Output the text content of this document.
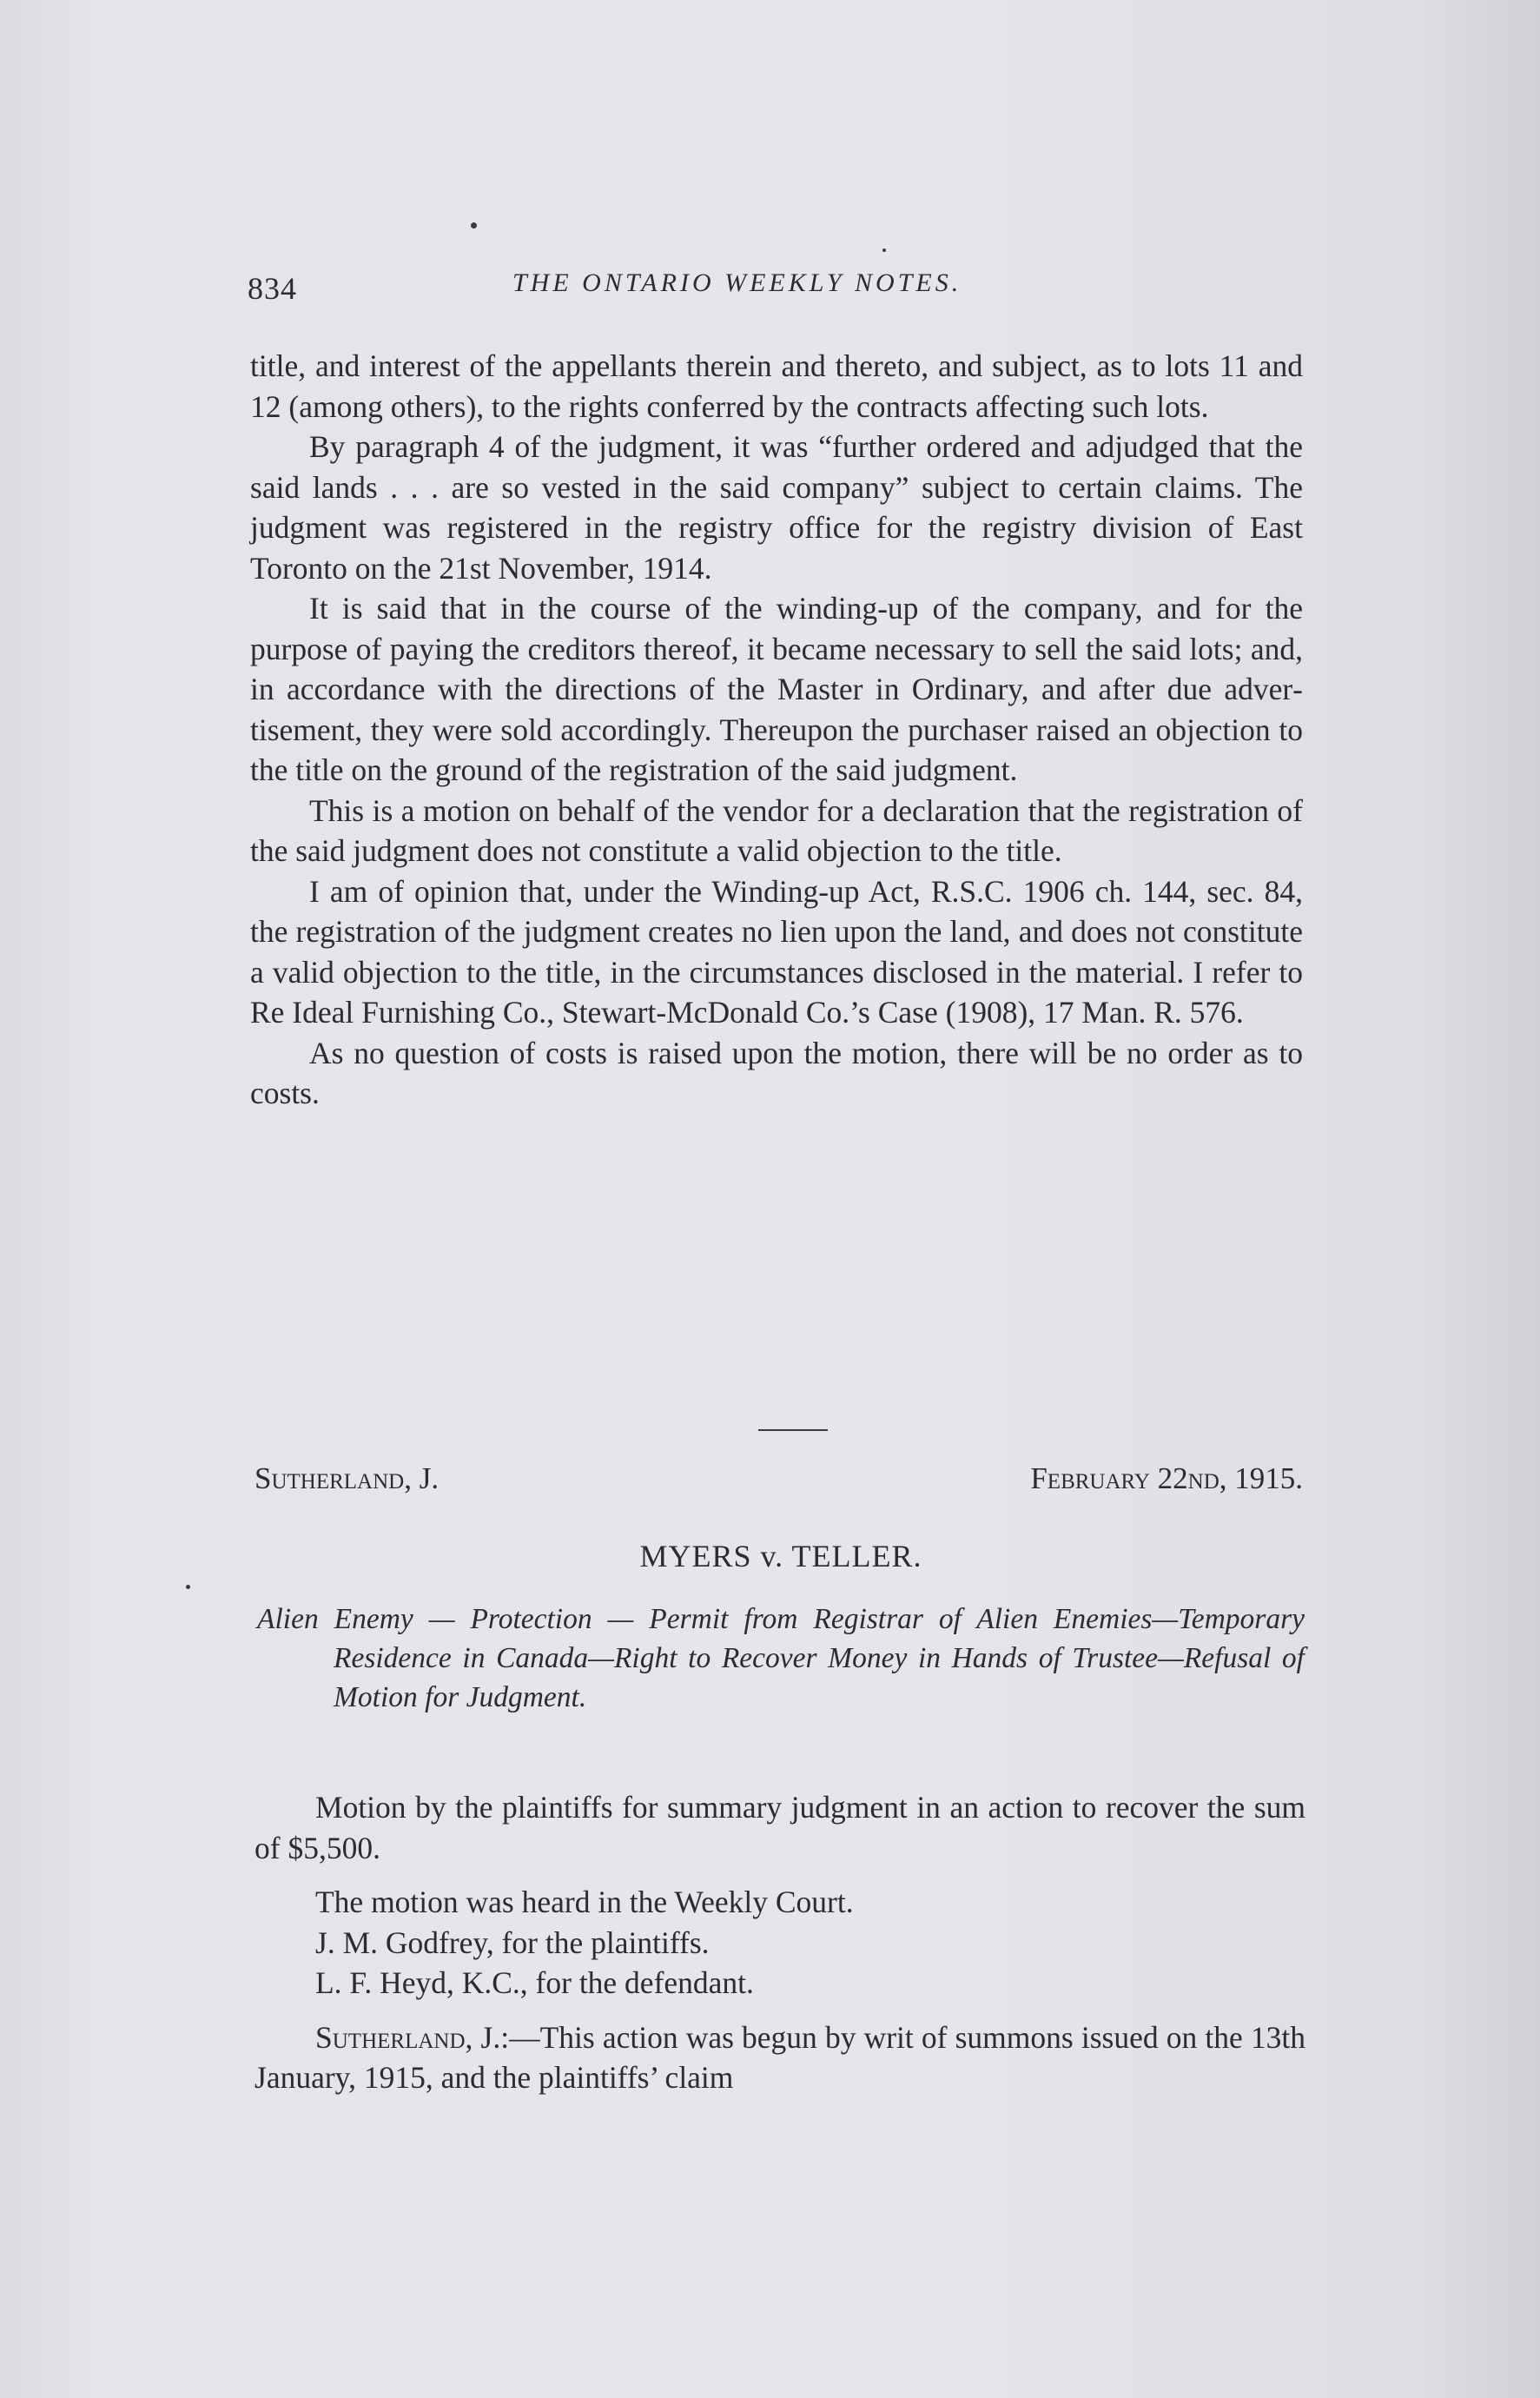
834	THE ONTARIO WEEKLY NOTES.

title, and interest of the appellants therein and thereto, and subject, as to lots 11 and 12 (among others), to the rights conferred by the contracts affecting such lots.

By paragraph 4 of the judgment, it was “further ordered and adjudged that the said lands . . . are so vested in the said company” subject to certain claims. The judgment was registered in the registry office for the registry division of East Toronto on the 21st November, 1914.

It is said that in the course of the winding-up of the company, and for the purpose of paying the creditors thereof, it became necessary to sell the said lots; and, in accordance with the directions of the Master in Ordinary, and after due advertisement, they were sold accordingly. Thereupon the purchaser raised an objection to the title on the ground of the registration of the said judgment.

This is a motion on behalf of the vendor for a declaration that the registration of the said judgment does not constitute a valid objection to the title.

I am of opinion that, under the Winding-up Act, R.S.C. 1906 ch. 144, sec. 84, the registration of the judgment creates no lien upon the land, and does not constitute a valid objection to the title, in the circumstances disclosed in the material. I refer to Re Ideal Furnishing Co., Stewart-McDonald Co.’s Case (1908), 17 Man. R. 576.

As no question of costs is raised upon the motion, there will be no order as to costs.

Sutherland, J.	February 22nd, 1915.
MYERS v. TELLER.
Alien Enemy — Protection — Permit from Registrar of Alien Enemies—Temporary Residence in Canada—Right to Recover Money in Hands of Trustee—Refusal of Motion for Judgment.

Motion by the plaintiffs for summary judgment in an action to recover the sum of $5,500.

The motion was heard in the Weekly Court.

J. M. Godfrey, for the plaintiffs.

L. F. Heyd, K.C., for the defendant.

Sutherland, J.:—This action was begun by writ of summons issued on the 13th January, 1915, and the plaintiffs’ claim
